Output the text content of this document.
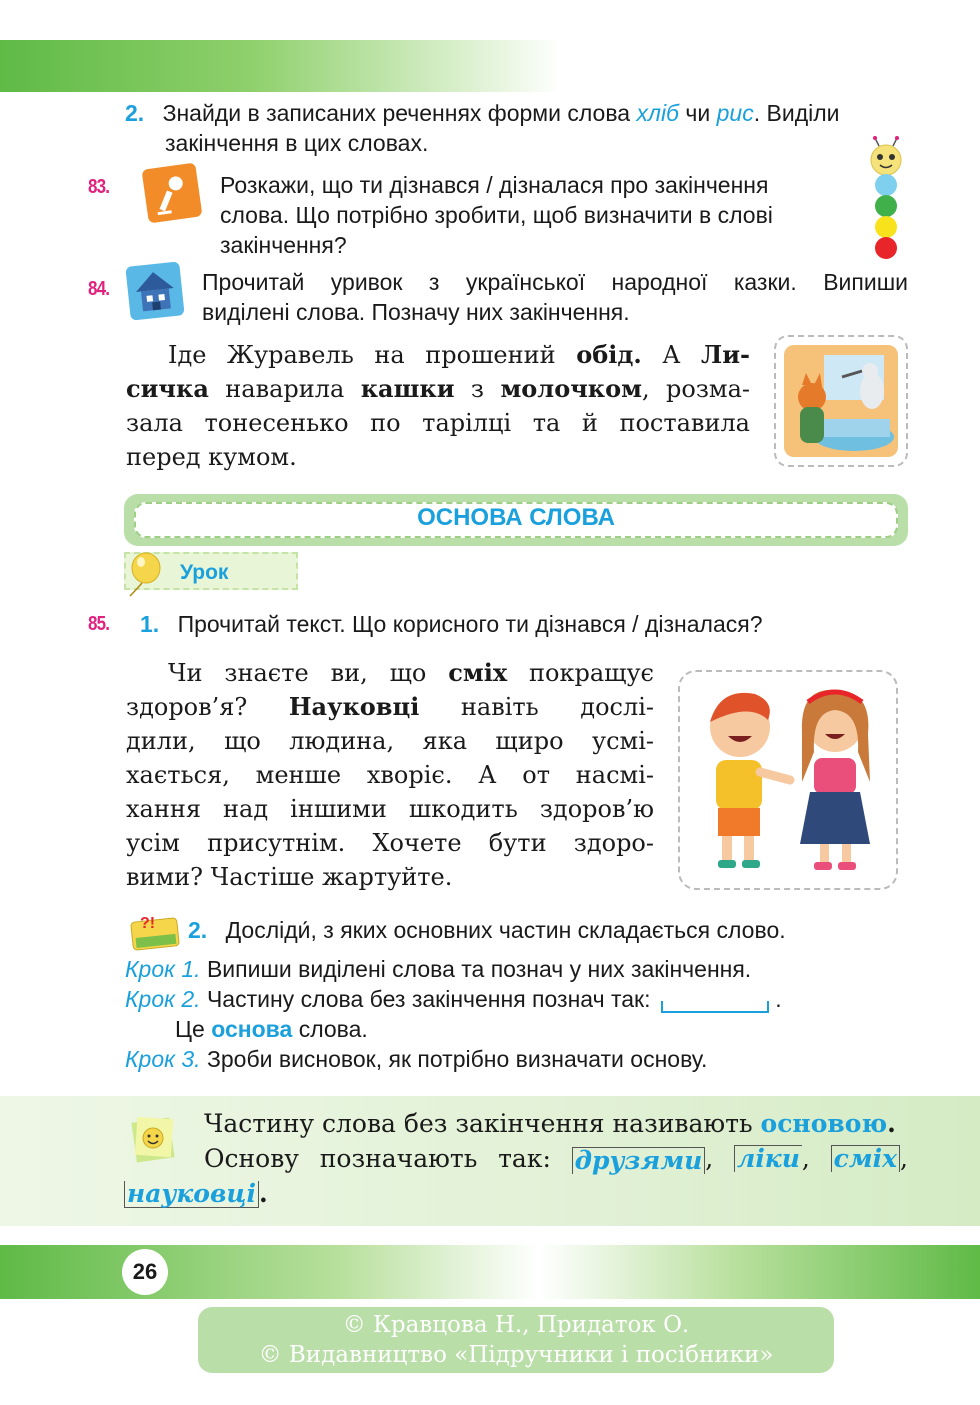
2. Знайди в записаних реченнях форми слова хліб чи рис. Виділи
закінчення в цих словах.
83.	Розкажи, що ти дізнався / дізналася про закінчення
слова. Що потрібно зробити, щоб визначити в слові
закінчення?
84.	Прочитай уривок з української народної казки. Випиши
виділені слова. Позначу них закінчення.
Іде Журавель на прошений обід. А Ли-
сичка наварила кашки з молочком, розма-
зала тонесенько по тарілці та й поставила
перед кумом.
ОСНОВА СЛОВА
Урок
85. 1. Прочитай текст. Що корисного ти дізнався / дізналася?
Чи знаєте ви, що сміх покращує
здоров’я? Науковці навіть дослі-
дили, що людина, яка щиро усмі-
хається, менше хворіє. А от насмі-
хання над іншими шкодить здоров’ю
усім присутнім. Хочете бути здоро-
вими? Частіше жартуйте.
?! 2. Дослiди́, з яких основних частин складається слово.
Крок 1. Випиши виділені слова та познач у них закінчення.
Крок 2. Частину слова без закінчення познач так:	.
Це основа слова.
Крок 3. Зроби висновок, як потрібно визначати основу.
Частину слова без закінчення називають основою.
Основу позначають так: друзями , ліки, сміх ,
науковці .
26
© Кравцова Н., Придаток О.
© Видавництво «Підручники і посібники»
